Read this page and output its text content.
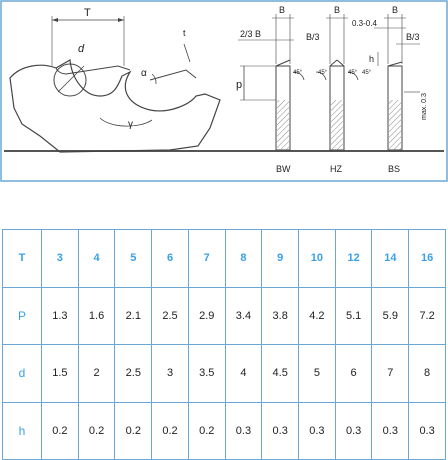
d
T
α
γ
t
p
B
2/3 B
45°
BW
B
B/3
45°	45°
HZ
B
0.3-0.4
B/3
h
45°
max. 0.3
BS
T	3	4	5	6	7	8	9	10	12	14	16
P	1.3	1.6	2.1	2.5	2.9	3.4	3.8	4.2	5.1	5.9	7.2
d	1.5	2	2.5	3	3.5	4	4.5	5	6	7	8
h	0.2	0.2	0.2	0.2	0.2	0.3	0.3	0.3	0.3	0.3	0.3
